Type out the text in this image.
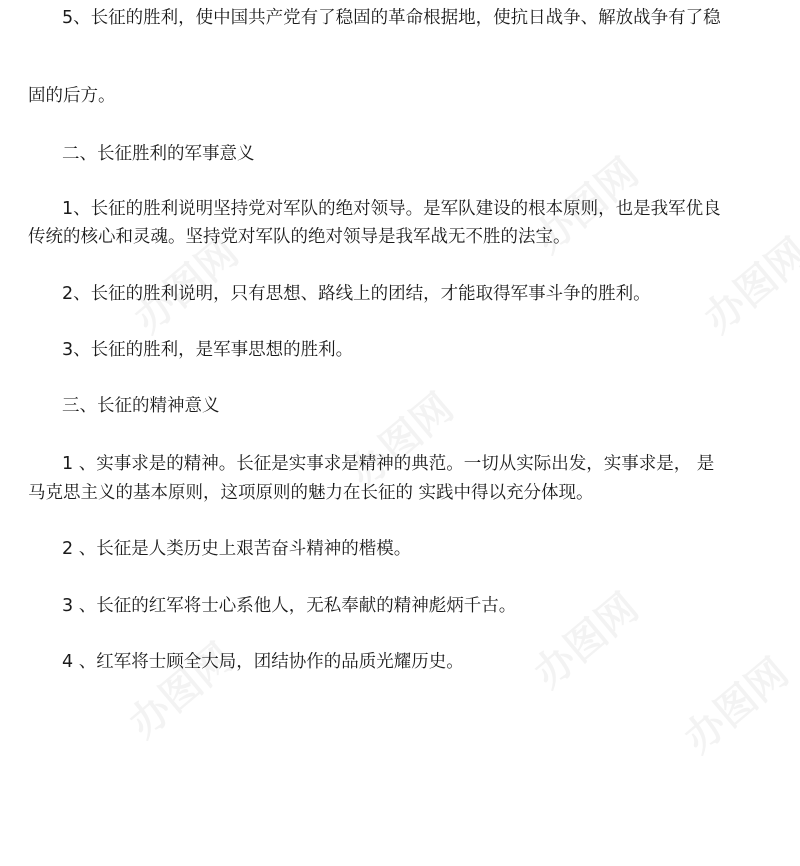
5、长征的胜利，使中国共产党有了稳固的革命根据地，使抗日战争、解放战争有了稳

固的后方。

二、长征胜利的军事意义

1、长征的胜利说明坚持党对军队的绝对领导。是军队建设的根本原则，也是我军优良

传统的核心和灵魂。坚持党对军队的绝对领导是我军战无不胜的法宝。

2、长征的胜利说明，只有思想、路线上的团结，才能取得军事斗争的胜利。

3、长征的胜利，是军事思想的胜利。

三、长征的精神意义

1 、实事求是的精神。长征是实事求是精神的典范。一切从实际出发，实事求是， 是

马克思主义的基本原则，这项原则的魅力在长征的 实践中得以充分体现。

2 、长征是人类历史上艰苦奋斗精神的楷模。

3 、长征的红军将士心系他人，无私奉献的精神彪炳千古。

4 、红军将士顾全大局，团结协作的品质光耀历史。
